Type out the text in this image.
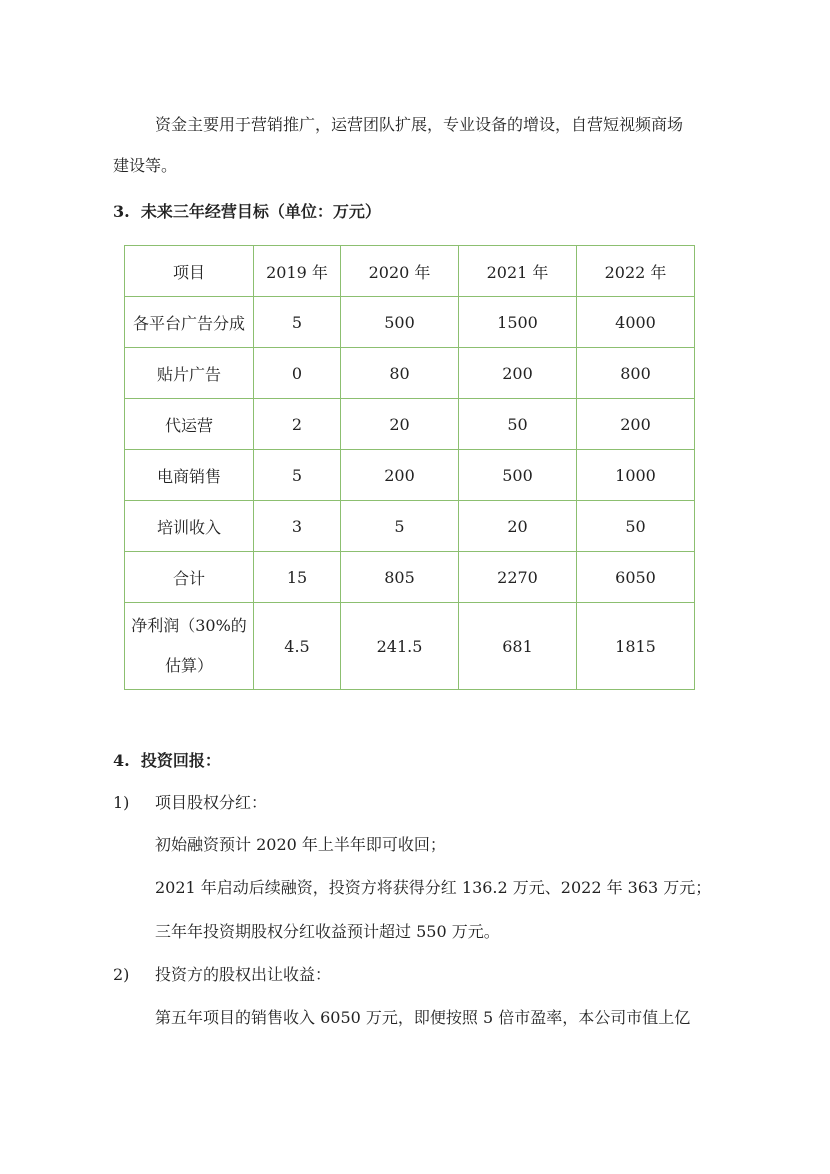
资金主要用于营销推广，运营团队扩展，专业设备的增设，自营短视频商场
建设等。
3. 未来三年经营目标（单位：万元）
项目	2019 年	2020 年	2021 年	2022 年
各平台广告分成	5	500	1500	4000
贴片广告	0	80	200	800
代运营	2	20	50	200
电商销售	5	200	500	1000
培训收入	3	5	20	50
合计	15	805	2270	6050
净利润（30%的估算）	4.5	241.5	681	1815
4. 投资回报：
1) 项目股权分红：
初始融资预计 2020 年上半年即可收回；
2021 年启动后续融资，投资方将获得分红 136.2 万元、2022 年 363 万元；
三年年投资期股权分红收益预计超过 550 万元。
2) 投资方的股权出让收益：
第五年项目的销售收入 6050 万元，即便按照 5 倍市盈率，本公司市值上亿
